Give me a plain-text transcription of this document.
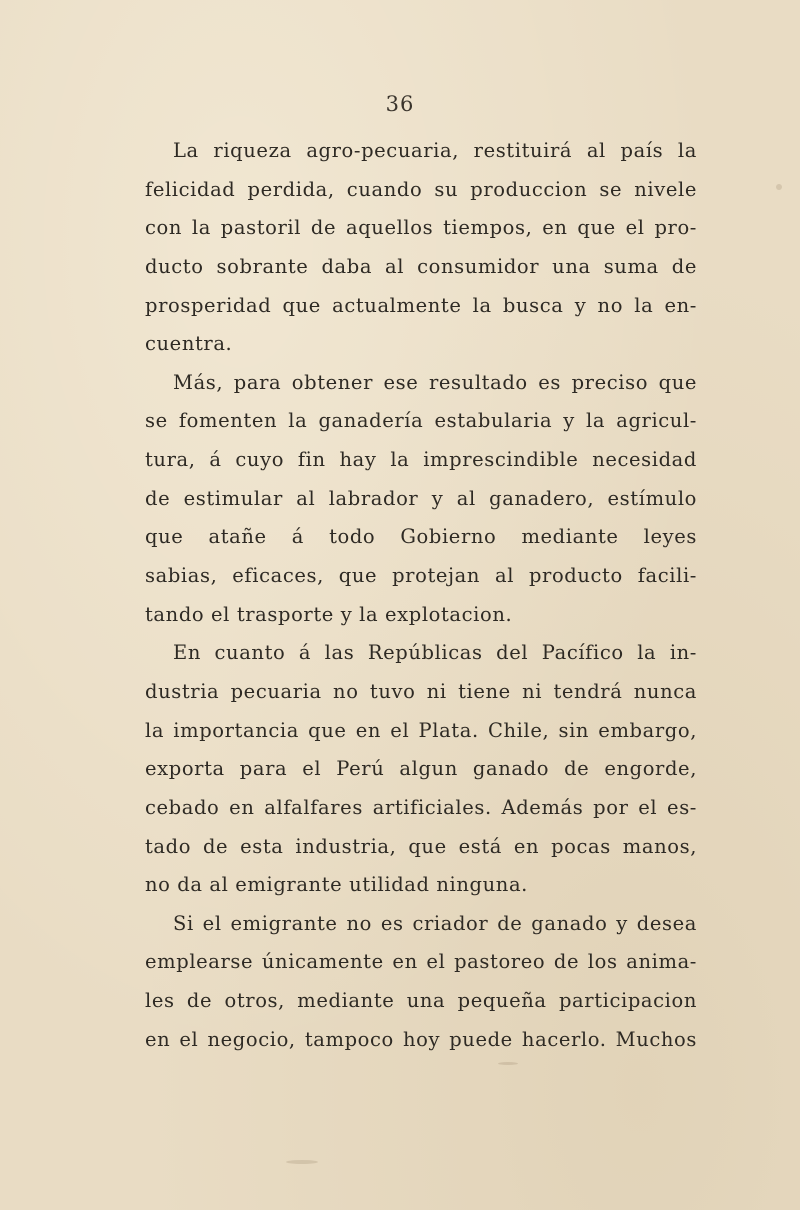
36
La riqueza agro-pecuaria, restituirá al país la
felicidad perdida, cuando su produccion se nivele
con la pastoril de aquellos tiempos, en que el pro-
ducto sobrante daba al consumidor una suma de
prosperidad que actualmente la busca y no la en-
cuentra.
Más, para obtener ese resultado es preciso que
se fomenten la ganadería estabularia y la agricul-
tura, á cuyo fin hay la imprescindible necesidad
de estimular al labrador y al ganadero, estímulo
que atañe á todo Gobierno mediante leyes
sabias, eficaces, que protejan al producto facili-
tando el trasporte y la explotacion.
En cuanto á las Repúblicas del Pacífico la in-
dustria pecuaria no tuvo ni tiene ni tendrá nunca
la importancia que en el Plata. Chile, sin embargo,
exporta para el Perú algun ganado de engorde,
cebado en alfalfares artificiales. Además por el es-
tado de esta industria, que está en pocas manos,
no da al emigrante utilidad ninguna.
Si el emigrante no es criador de ganado y desea
emplearse únicamente en el pastoreo de los anima-
les de otros, mediante una pequeña participacion
en el negocio, tampoco hoy puede hacerlo. Muchos
